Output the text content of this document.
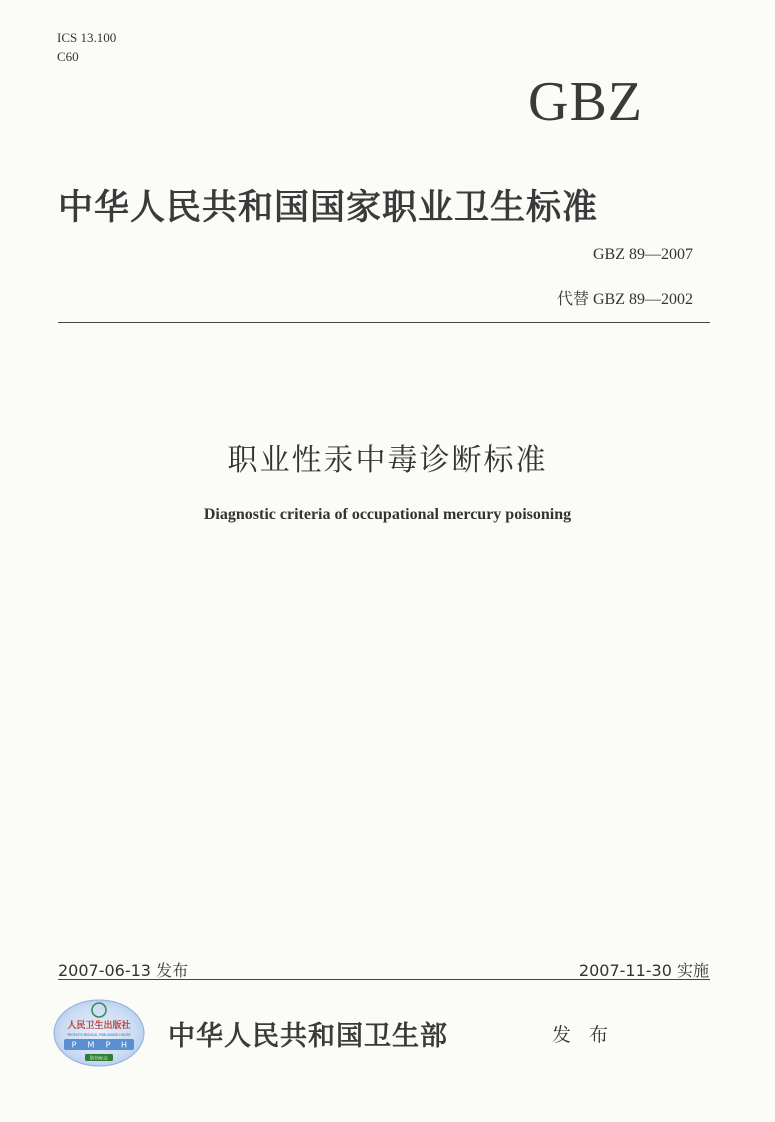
ICS 13.100
C60
GBZ
中华人民共和国国家职业卫生标准
GBZ 89—2007
代替 GBZ 89—2002
职业性汞中毒诊断标准
Diagnostic criteria of occupational mercury poisoning
2007-06-13 发布	2007-11-30 实施
人民卫生出版社
PEOPLE'S MEDICAL PUBLISHING HOUSE
P M P H
防伪标志
中华人民共和国卫生部	发 布
